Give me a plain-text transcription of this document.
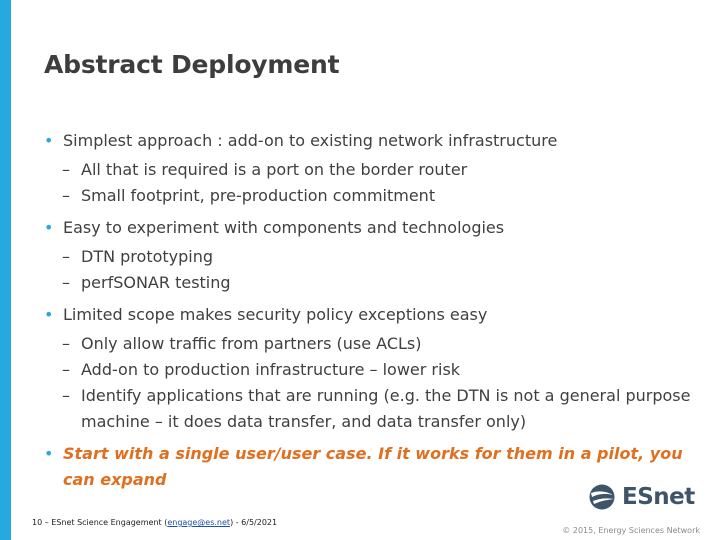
Abstract Deployment
• Simplest approach : add-on to existing network infrastructure
– All that is required is a port on the border router
– Small footprint, pre-production commitment
• Easy to experiment with components and technologies
– DTN prototyping
– perfSONAR testing
• Limited scope makes security policy exceptions easy
– Only allow traffic from partners (use ACLs)
– Add-on to production infrastructure – lower risk
– Identify applications that are running (e.g. the DTN is not a general purpose machine – it does data transfer, and data transfer only)
• Start with a single user/user case. If it works for them in a pilot, you can expand
10 – ESnet Science Engagement (engage@es.net) - 6/5/2021
ESnet
© 2015, Energy Sciences Network
